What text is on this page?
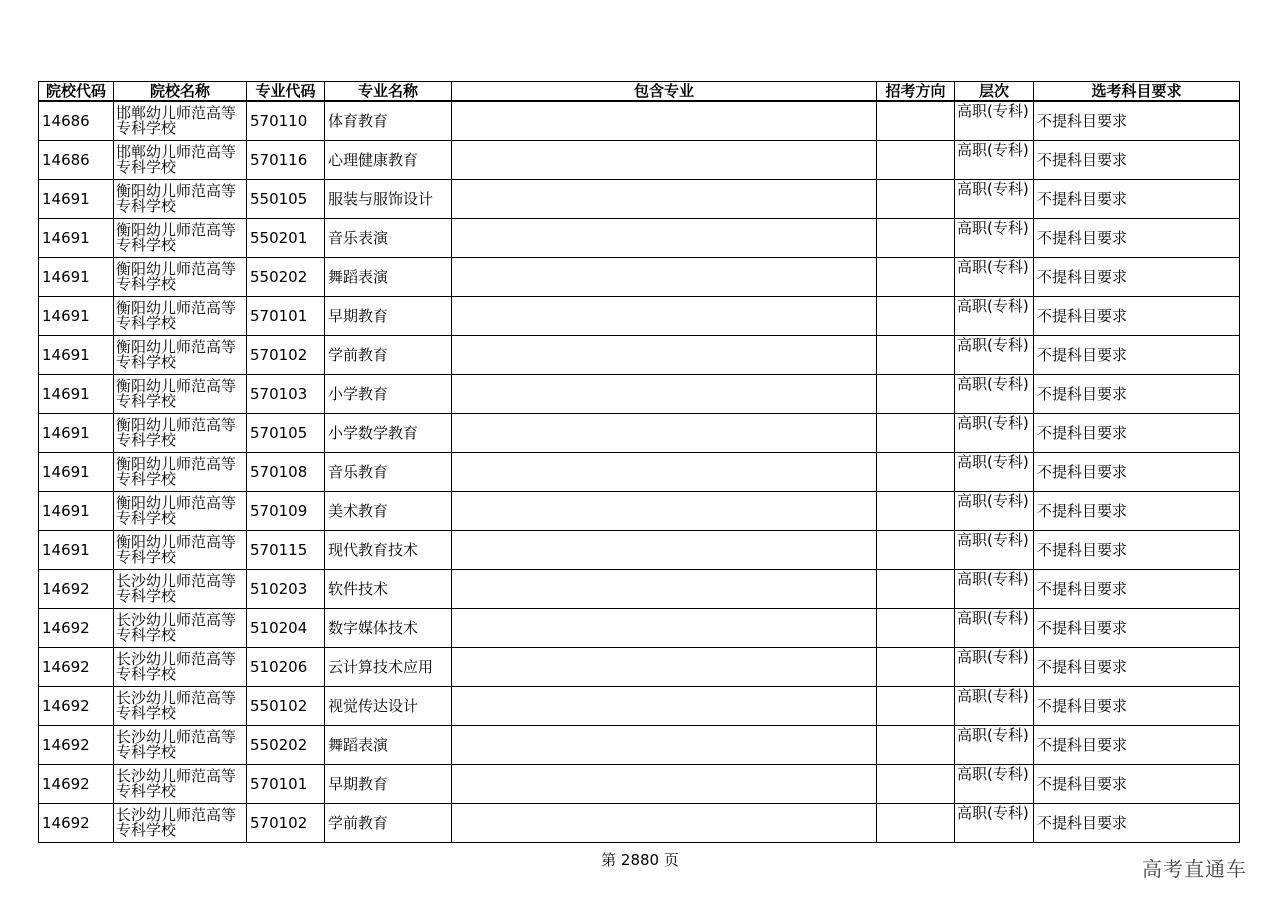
院校代码	院校名称	专业代码	专业名称	包含专业	招考方向	层次	选考科目要求
14686	邯郸幼儿师范高等专科学校	570110	体育教育			高职(专科)	不提科目要求
14686	邯郸幼儿师范高等专科学校	570116	心理健康教育			高职(专科)	不提科目要求
14691	衡阳幼儿师范高等专科学校	550105	服装与服饰设计			高职(专科)	不提科目要求
14691	衡阳幼儿师范高等专科学校	550201	音乐表演			高职(专科)	不提科目要求
14691	衡阳幼儿师范高等专科学校	550202	舞蹈表演			高职(专科)	不提科目要求
14691	衡阳幼儿师范高等专科学校	570101	早期教育			高职(专科)	不提科目要求
14691	衡阳幼儿师范高等专科学校	570102	学前教育			高职(专科)	不提科目要求
14691	衡阳幼儿师范高等专科学校	570103	小学教育			高职(专科)	不提科目要求
14691	衡阳幼儿师范高等专科学校	570105	小学数学教育			高职(专科)	不提科目要求
14691	衡阳幼儿师范高等专科学校	570108	音乐教育			高职(专科)	不提科目要求
14691	衡阳幼儿师范高等专科学校	570109	美术教育			高职(专科)	不提科目要求
14691	衡阳幼儿师范高等专科学校	570115	现代教育技术			高职(专科)	不提科目要求
14692	长沙幼儿师范高等专科学校	510203	软件技术			高职(专科)	不提科目要求
14692	长沙幼儿师范高等专科学校	510204	数字媒体技术			高职(专科)	不提科目要求
14692	长沙幼儿师范高等专科学校	510206	云计算技术应用			高职(专科)	不提科目要求
14692	长沙幼儿师范高等专科学校	550102	视觉传达设计			高职(专科)	不提科目要求
14692	长沙幼儿师范高等专科学校	550202	舞蹈表演			高职(专科)	不提科目要求
14692	长沙幼儿师范高等专科学校	570101	早期教育			高职(专科)	不提科目要求
14692	长沙幼儿师范高等专科学校	570102	学前教育			高职(专科)	不提科目要求
第 2880 页	高考直通车
